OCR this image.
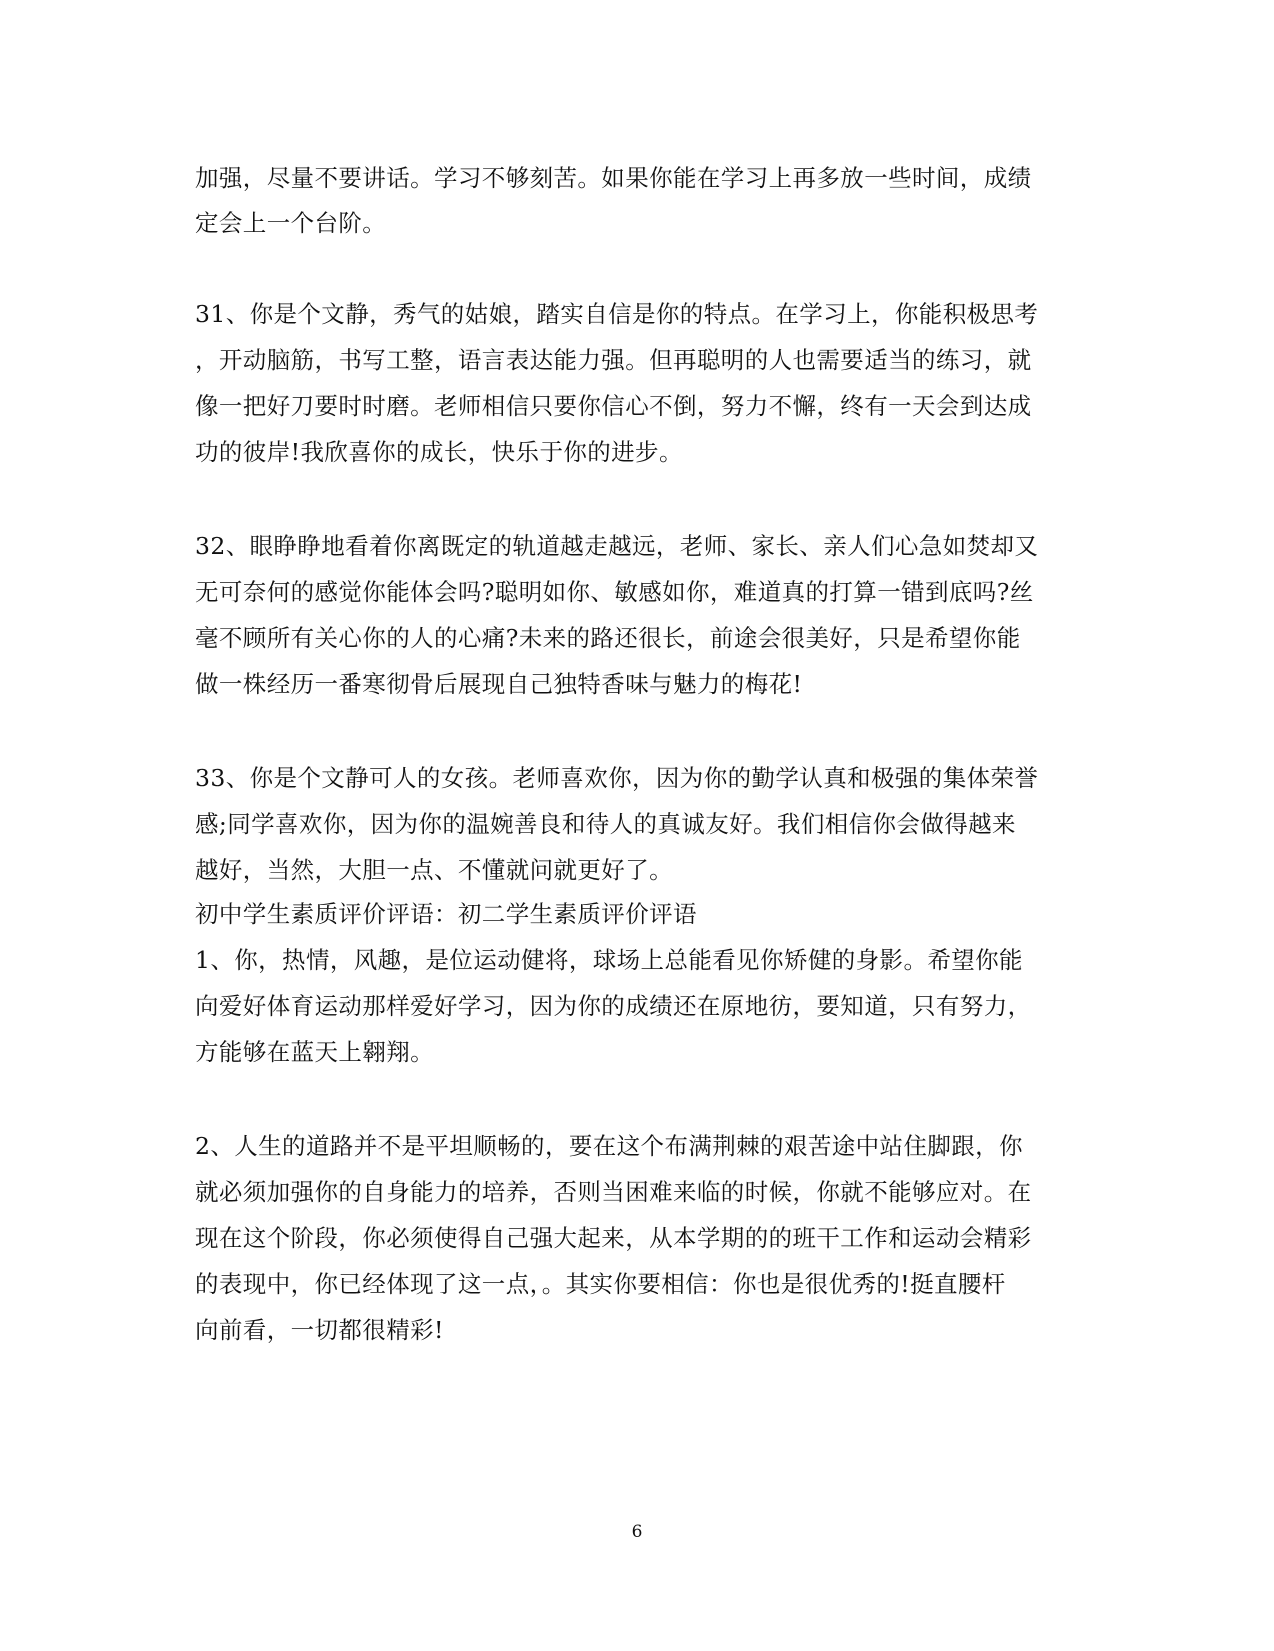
加强，尽量不要讲话。学习不够刻苦。如果你能在学习上再多放一些时间，成绩
定会上一个台阶。
31、你是个文静，秀气的姑娘，踏实自信是你的特点。在学习上，你能积极思考
，开动脑筋，书写工整，语言表达能力强。但再聪明的人也需要适当的练习，就
像一把好刀要时时磨。老师相信只要你信心不倒，努力不懈，终有一天会到达成
功的彼岸!我欣喜你的成长，快乐于你的进步。
32、眼睁睁地看着你离既定的轨道越走越远，老师、家长、亲人们心急如焚却又
无可奈何的感觉你能体会吗?聪明如你、敏感如你，难道真的打算一错到底吗?丝
毫不顾所有关心你的人的心痛?未来的路还很长，前途会很美好，只是希望你能
做一株经历一番寒彻骨后展现自己独特香味与魅力的梅花!
33、你是个文静可人的女孩。老师喜欢你，因为你的勤学认真和极强的集体荣誉
感;同学喜欢你，因为你的温婉善良和待人的真诚友好。我们相信你会做得越来
越好，当然，大胆一点、不懂就问就更好了。
初中学生素质评价评语：初二学生素质评价评语
1、你，热情，风趣，是位运动健将，球场上总能看见你矫健的身影。希望你能
向爱好体育运动那样爱好学习，因为你的成绩还在原地彷，要知道，只有努力，
方能够在蓝天上翱翔。
2、人生的道路并不是平坦顺畅的，要在这个布满荆棘的艰苦途中站住脚跟，你
就必须加强你的自身能力的培养，否则当困难来临的时候，你就不能够应对。在
现在这个阶段，你必须使得自己强大起来，从本学期的的班干工作和运动会精彩
的表现中，你已经体现了这一点，。其实你要相信：你也是很优秀的!挺直腰杆
向前看，一切都很精彩!
6
